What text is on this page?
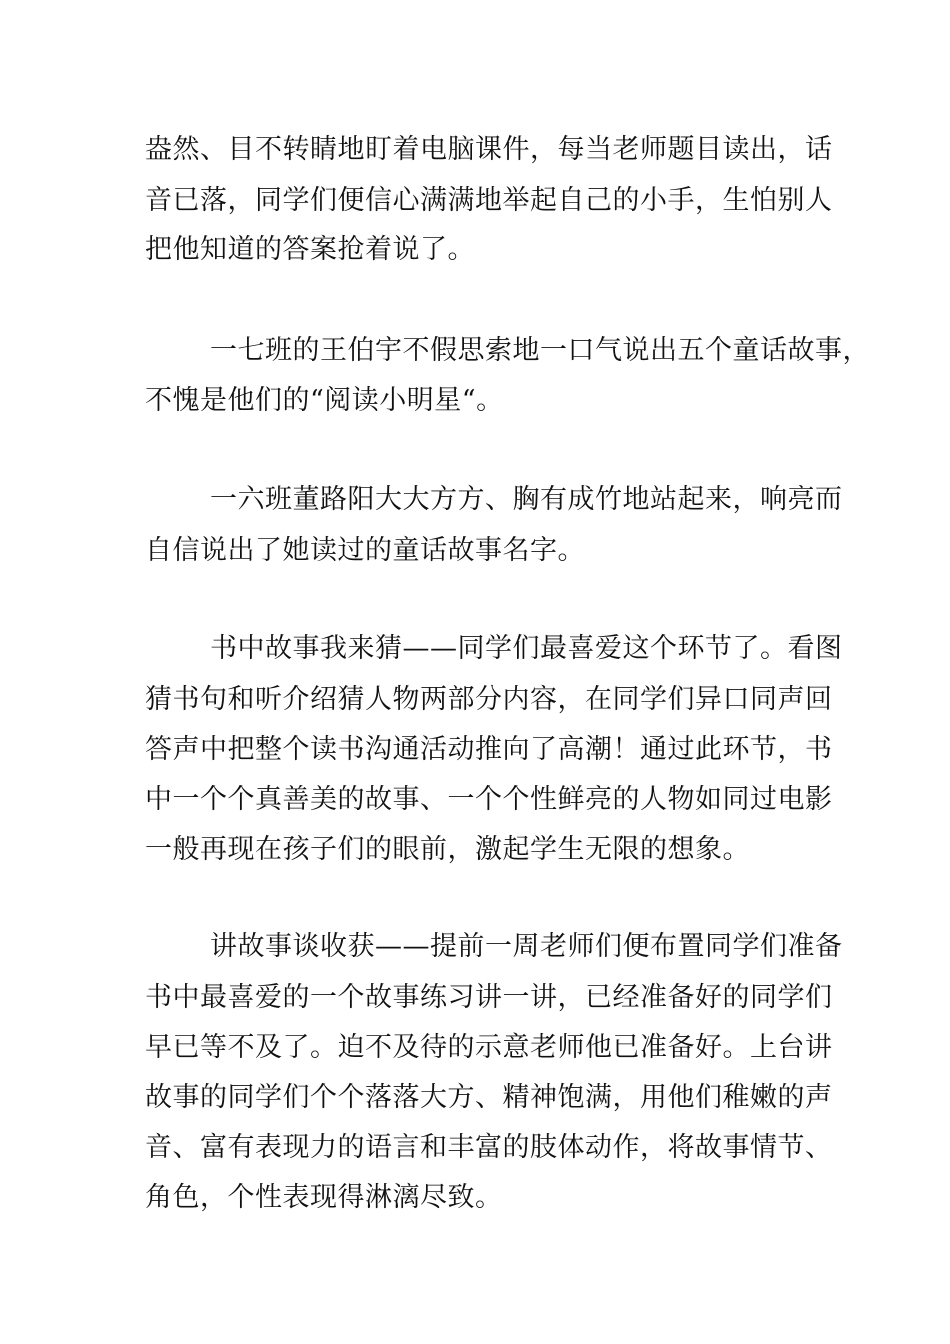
盎然、目不转睛地盯着电脑课件，每当老师题目读出，话
音已落，同学们便信心满满地举起自己的小手，生怕别人
把他知道的答案抢着说了。
一七班的王伯宇不假思索地一口气说出五个童话故事，
不愧是他们的“阅读小明星“。
一六班董路阳大大方方、胸有成竹地站起来，响亮而
自信说出了她读过的童话故事名字。
书中故事我来猜——同学们最喜爱这个环节了。看图
猜书句和听介绍猜人物两部分内容，在同学们异口同声回
答声中把整个读书沟通活动推向了高潮！通过此环节，书
中一个个真善美的故事、一个个性鲜亮的人物如同过电影
一般再现在孩子们的眼前，激起学生无限的想象。
讲故事谈收获——提前一周老师们便布置同学们准备
书中最喜爱的一个故事练习讲一讲，已经准备好的同学们
早已等不及了。迫不及待的示意老师他已准备好。上台讲
故事的同学们个个落落大方、精神饱满，用他们稚嫩的声
音、富有表现力的语言和丰富的肢体动作，将故事情节、
角色，个性表现得淋漓尽致。
